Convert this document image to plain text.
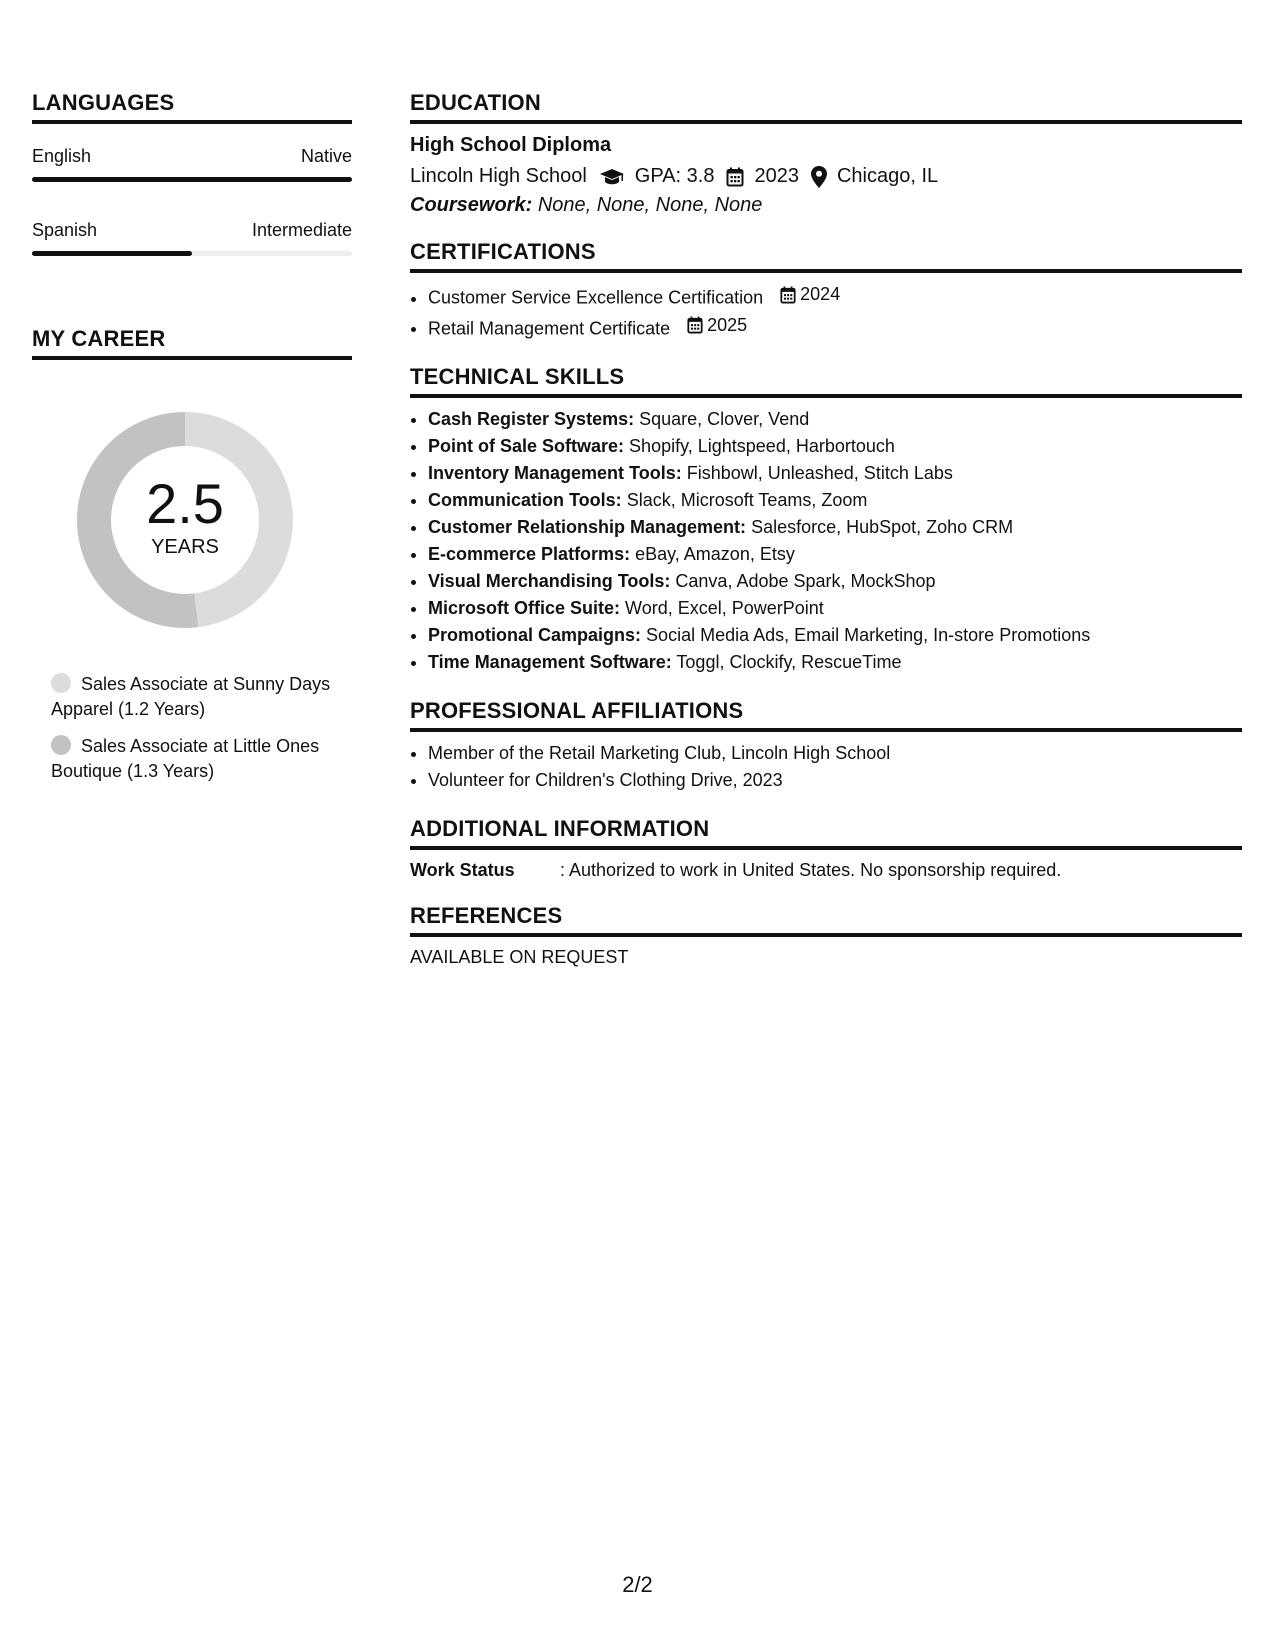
LANGUAGES
English	Native
Spanish	Intermediate
MY CAREER
2.5
YEARS
Sales Associate at Sunny Days Apparel (1.2 Years)
Sales Associate at Little Ones Boutique (1.3 Years)
EDUCATION
High School Diploma
Lincoln High School GPA: 3.8 2023 Chicago, IL
Coursework: None, None, None, None
CERTIFICATIONS
• Customer Service Excellence Certification 2024
• Retail Management Certificate 2025
TECHNICAL SKILLS
• Cash Register Systems: Square, Clover, Vend
• Point of Sale Software: Shopify, Lightspeed, Harbortouch
• Inventory Management Tools: Fishbowl, Unleashed, Stitch Labs
• Communication Tools: Slack, Microsoft Teams, Zoom
• Customer Relationship Management: Salesforce, HubSpot, Zoho CRM
• E-commerce Platforms: eBay, Amazon, Etsy
• Visual Merchandising Tools: Canva, Adobe Spark, MockShop
• Microsoft Office Suite: Word, Excel, PowerPoint
• Promotional Campaigns: Social Media Ads, Email Marketing, In-store Promotions
• Time Management Software: Toggl, Clockify, RescueTime
PROFESSIONAL AFFILIATIONS
• Member of the Retail Marketing Club, Lincoln High School
• Volunteer for Children's Clothing Drive, 2023
ADDITIONAL INFORMATION
Work Status	: Authorized to work in United States. No sponsorship required.
REFERENCES
AVAILABLE ON REQUEST
2/2
